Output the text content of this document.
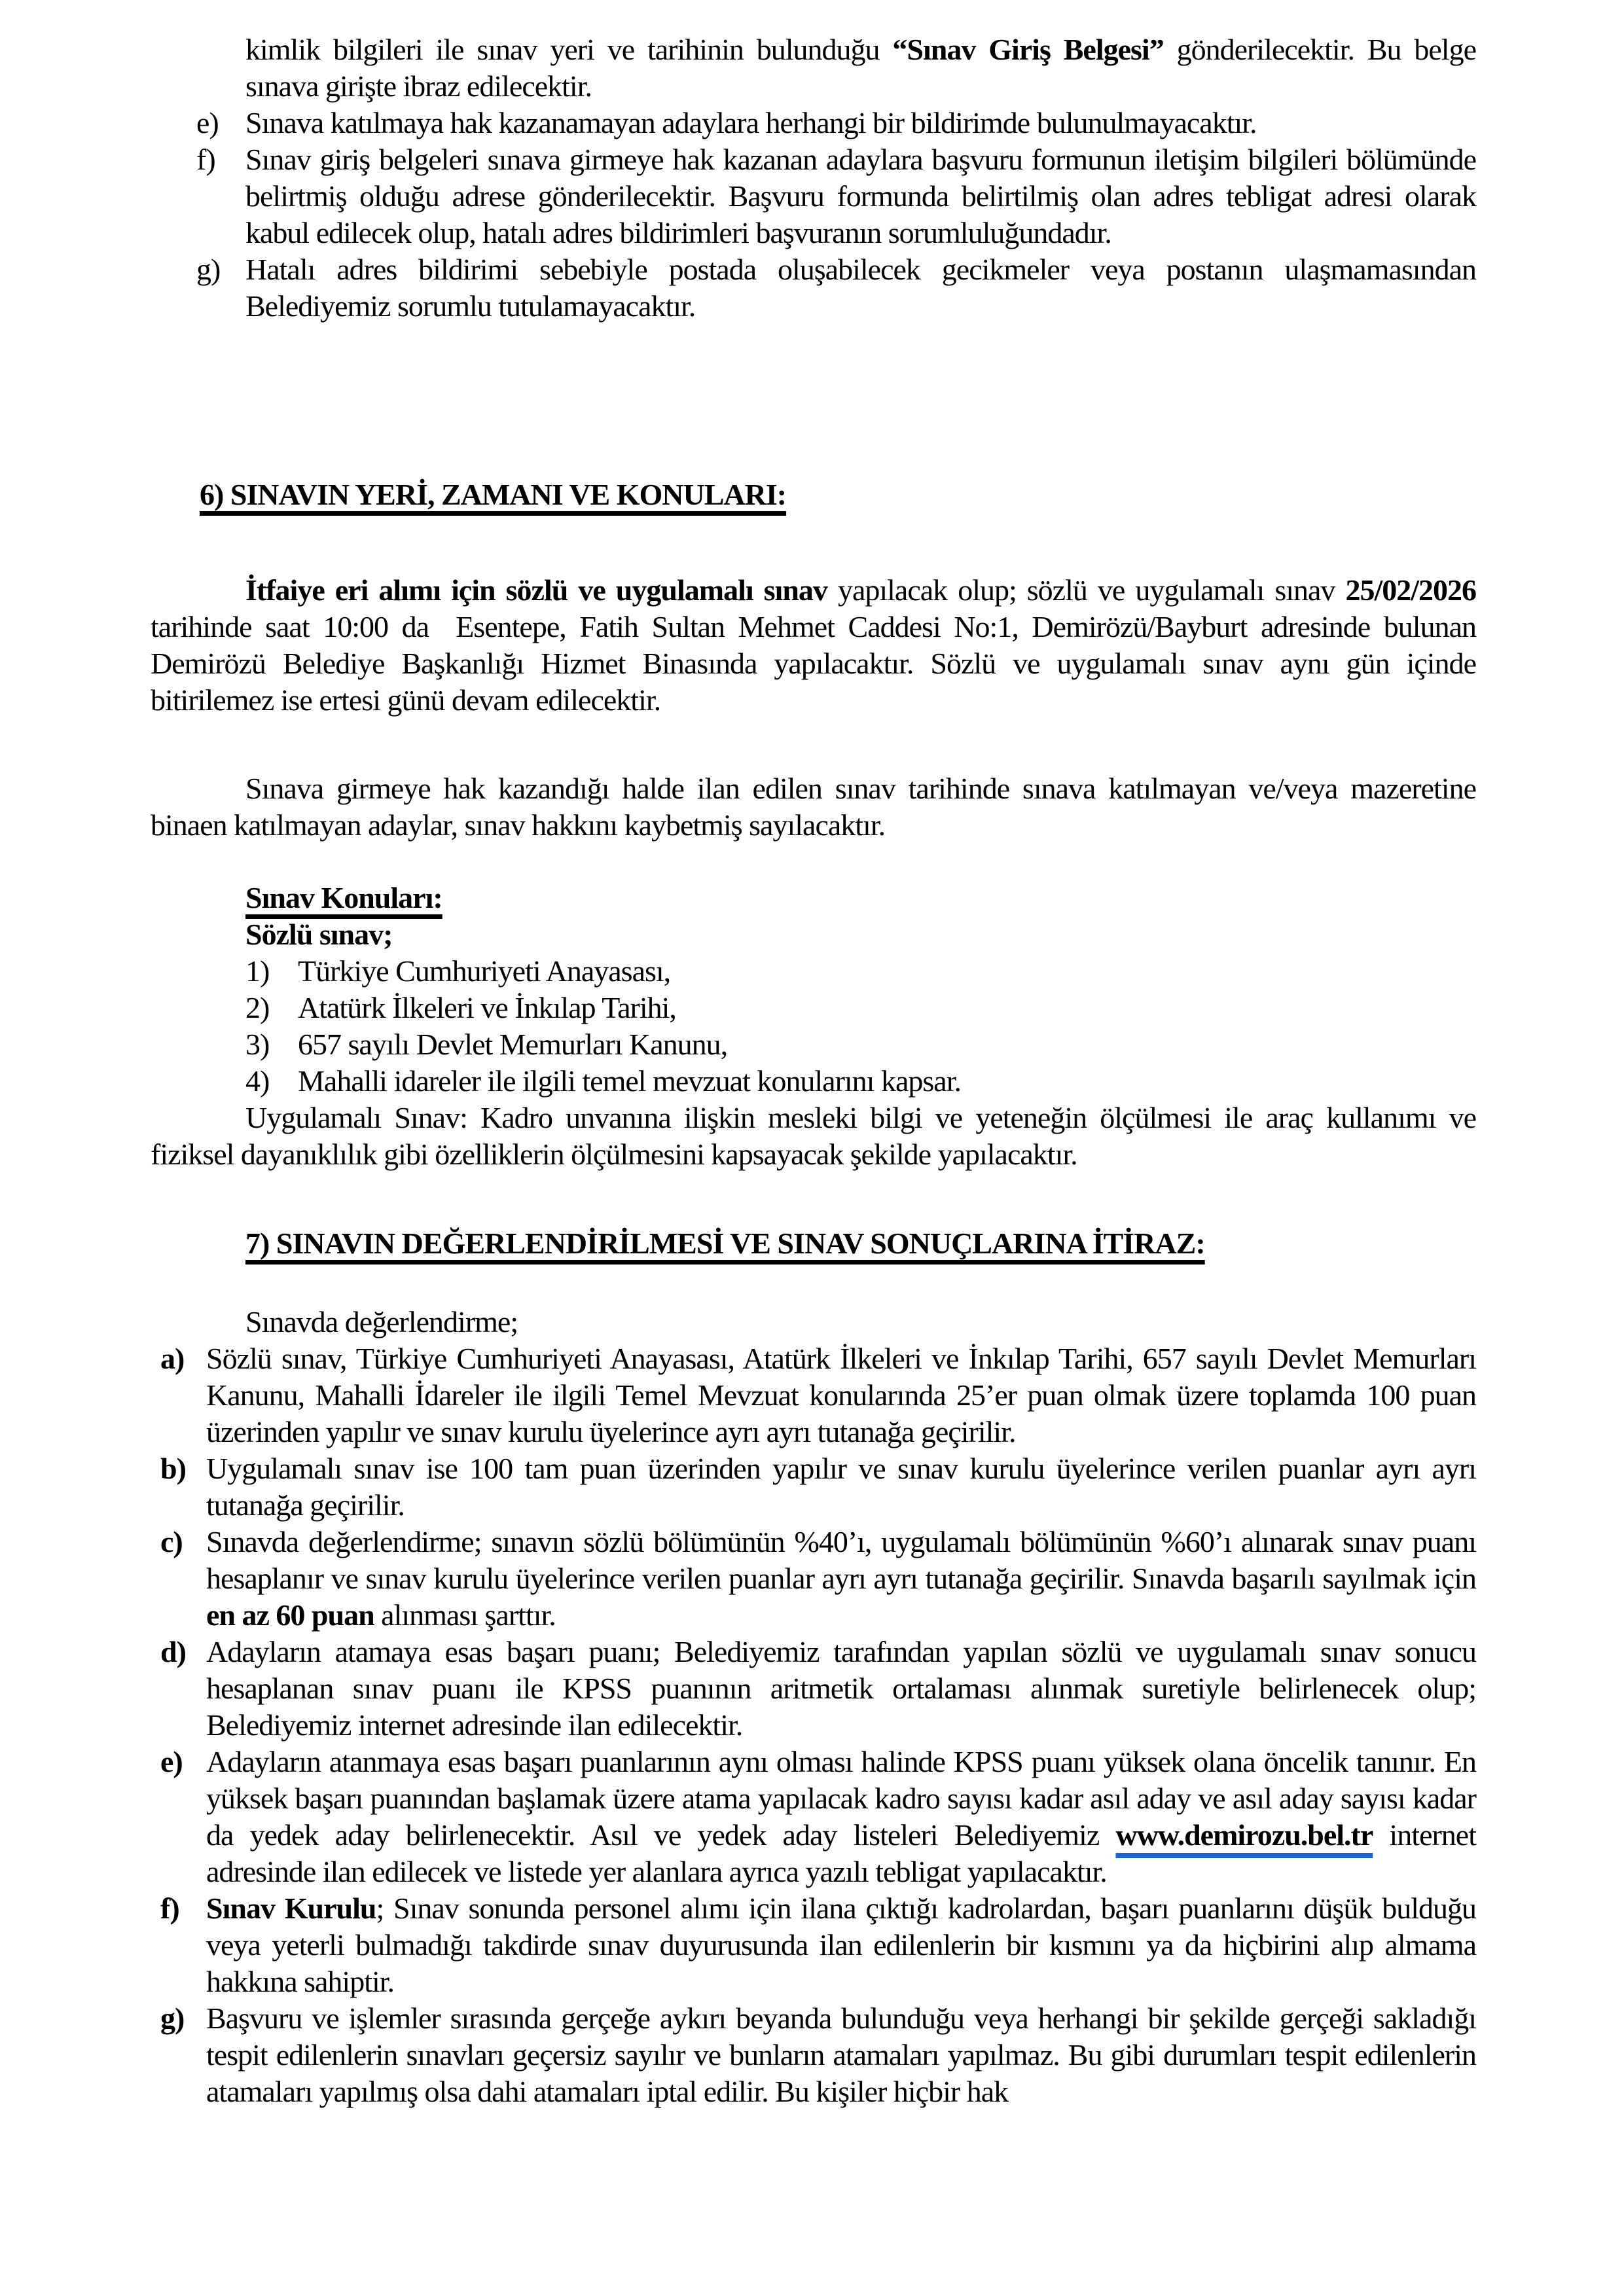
kimlik bilgileri ile sınav yeri ve tarihinin bulunduğu “Sınav Giriş Belgesi” gönderilecektir. Bu belge sınava girişte ibraz edilecektir.

e) Sınava katılmaya hak kazanamayan adaylara herhangi bir bildirimde bulunulmayacaktır.

f) Sınav giriş belgeleri sınava girmeye hak kazanan adaylara başvuru formunun iletişim bilgileri bölümünde belirtmiş olduğu adrese gönderilecektir. Başvuru formunda belirtilmiş olan adres tebligat adresi olarak kabul edilecek olup, hatalı adres bildirimleri başvuranın sorumluluğundadır.

g) Hatalı adres bildirimi sebebiyle postada oluşabilecek gecikmeler veya postanın ulaşmamasından Belediyemiz sorumlu tutulamayacaktır.

6) SINAVIN YERİ, ZAMANI VE KONULARI:

İtfaiye eri alımı için sözlü ve uygulamalı sınav yapılacak olup; sözlü ve uygulamalı sınav 25/02/2026 tarihinde saat 10:00 da  Esentepe, Fatih Sultan Mehmet Caddesi No:1, Demirözü/Bayburt adresinde bulunan Demirözü Belediye Başkanlığı Hizmet Binasında yapılacaktır. Sözlü ve uygulamalı sınav aynı gün içinde bitirilemez ise ertesi günü devam edilecektir.

Sınava girmeye hak kazandığı halde ilan edilen sınav tarihinde sınava katılmayan ve/veya mazeretine binaen katılmayan adaylar, sınav hakkını kaybetmiş sayılacaktır.

Sınav Konuları:

Sözlü sınav;

1) Türkiye Cumhuriyeti Anayasası,

2) Atatürk İlkeleri ve İnkılap Tarihi,

3) 657 sayılı Devlet Memurları Kanunu,

4) Mahalli idareler ile ilgili temel mevzuat konularını kapsar.

Uygulamalı Sınav: Kadro unvanına ilişkin mesleki bilgi ve yeteneğin ölçülmesi ile araç kullanımı ve fiziksel dayanıklılık gibi özelliklerin ölçülmesini kapsayacak şekilde yapılacaktır.

7) SINAVIN DEĞERLENDİRİLMESİ VE SINAV SONUÇLARINA İTİRAZ:

Sınavda değerlendirme;

a) Sözlü sınav, Türkiye Cumhuriyeti Anayasası, Atatürk İlkeleri ve İnkılap Tarihi, 657 sayılı Devlet Memurları Kanunu, Mahalli İdareler ile ilgili Temel Mevzuat konularında 25’er puan olmak üzere toplamda 100 puan üzerinden yapılır ve sınav kurulu üyelerince ayrı ayrı tutanağa geçirilir.

b) Uygulamalı sınav ise 100 tam puan üzerinden yapılır ve sınav kurulu üyelerince verilen puanlar ayrı ayrı tutanağa geçirilir.

c) Sınavda değerlendirme; sınavın sözlü bölümünün %40’ı, uygulamalı bölümünün %60’ı alınarak sınav puanı hesaplanır ve sınav kurulu üyelerince verilen puanlar ayrı ayrı tutanağa geçirilir. Sınavda başarılı sayılmak için en az 60 puan alınması şarttır.

d) Adayların atamaya esas başarı puanı; Belediyemiz tarafından yapılan sözlü ve uygulamalı sınav sonucu hesaplanan sınav puanı ile KPSS puanının aritmetik ortalaması alınmak suretiyle belirlenecek olup; Belediyemiz internet adresinde ilan edilecektir.

e) Adayların atanmaya esas başarı puanlarının aynı olması halinde KPSS puanı yüksek olana öncelik tanınır. En yüksek başarı puanından başlamak üzere atama yapılacak kadro sayısı kadar asıl aday ve asıl aday sayısı kadar da yedek aday belirlenecektir. Asıl ve yedek aday listeleri Belediyemiz www.demirozu.bel.tr internet adresinde ilan edilecek ve listede yer alanlara ayrıca yazılı tebligat yapılacaktır.

f) Sınav Kurulu; Sınav sonunda personel alımı için ilana çıktığı kadrolardan, başarı puanlarını düşük bulduğu veya yeterli bulmadığı takdirde sınav duyurusunda ilan edilenlerin bir kısmını ya da hiçbirini alıp almama hakkına sahiptir.

g) Başvuru ve işlemler sırasında gerçeğe aykırı beyanda bulunduğu veya herhangi bir şekilde gerçeği sakladığı tespit edilenlerin sınavları geçersiz sayılır ve bunların atamaları yapılmaz. Bu gibi durumları tespit edilenlerin atamaları yapılmış olsa dahi atamaları iptal edilir. Bu kişiler hiçbir hak
